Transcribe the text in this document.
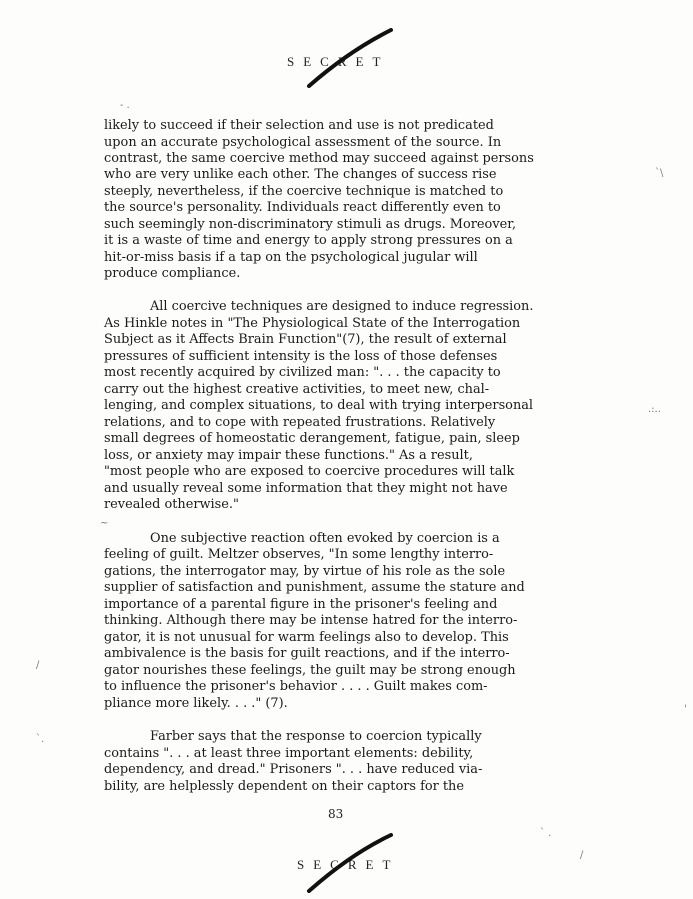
SECRET
- .
`\
.:..
~
/
'
`.
` .
/
likely to succeed if their selection and use is not predicated
upon an accurate psychological assessment of the source. In
contrast, the same coercive method may succeed against persons
who are very unlike each other. The changes of success rise
steeply, nevertheless, if the coercive technique is matched to
the source's personality. Individuals react differently even to
such seemingly non-discriminatory stimuli as drugs. Moreover,
it is a waste of time and energy to apply strong pressures on a
hit-or-miss basis if a tap on the psychological jugular will
produce compliance.
All coercive techniques are designed to induce regression.
As Hinkle notes in "The Physiological State of the Interrogation
Subject as it Affects Brain Function"(7), the result of external
pressures of sufficient intensity is the loss of those defenses
most recently acquired by civilized man: ". . . the capacity to
carry out the highest creative activities, to meet new, chal-
lenging, and complex situations, to deal with trying interpersonal
relations, and to cope with repeated frustrations. Relatively
small degrees of homeostatic derangement, fatigue, pain, sleep
loss, or anxiety may impair these functions." As a result,
"most people who are exposed to coercive procedures will talk
and usually reveal some information that they might not have
revealed otherwise."
One subjective reaction often evoked by coercion is a
feeling of guilt. Meltzer observes, "In some lengthy interro-
gations, the interrogator may, by virtue of his role as the sole
supplier of satisfaction and punishment, assume the stature and
importance of a parental figure in the prisoner's feeling and
thinking. Although there may be intense hatred for the interro-
gator, it is not unusual for warm feelings also to develop. This
ambivalence is the basis for guilt reactions, and if the interro-
gator nourishes these feelings, the guilt may be strong enough
to influence the prisoner's behavior . . . . Guilt makes com-
pliance more likely. . . ." (7).
Farber says that the response to coercion typically
contains ". . . at least three important elements: debility,
dependency, and dread." Prisoners ". . . have reduced via-
bility, are helplessly dependent on their captors for the
83
SECRET
